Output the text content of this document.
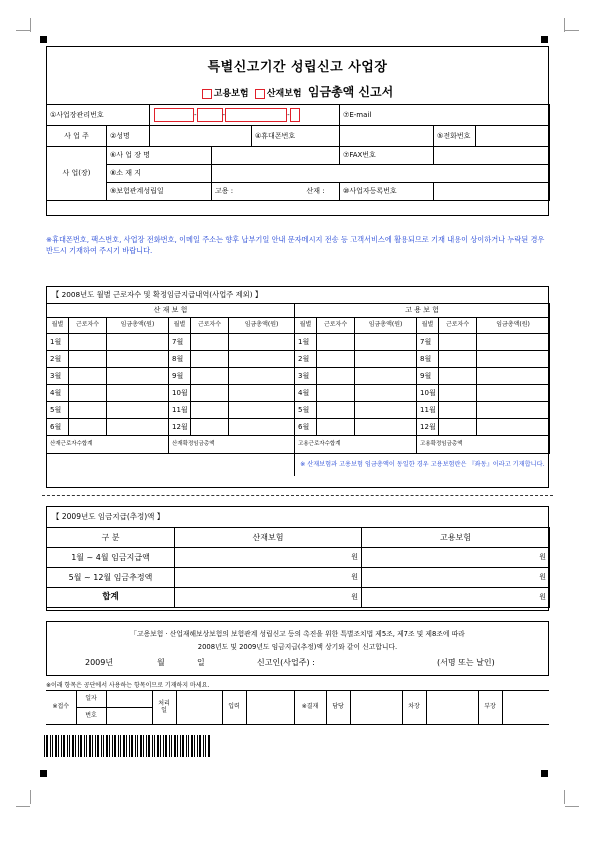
특별신고기간 성립신고 사업장
고용보험 산재보험 임금총액 신고서
①사업장관리번호		- - -				⑦E-mail		
사 업 주	②성명			④휴대폰번호			⑤전화번호	
사 업(장)	⑥사 업 장 명					⑦FAX번호		
	⑧소 재 지							
	⑨보험관계성립일		고용 :		산재 :	⑩사업자등록번호		
※휴대폰번호, 팩스번호, 사업장 전화번호, 이메일 주소는 향후 납부기일 안내 문자메시지 전송 등 고객서비스에 활용되므로 기재 내용이 상이하거나 누락된 경우 반드시 기재하여 주시기 바랍니다.
【 2008년도 월별 근로자수 및 확정임금지급내역(사업주 제외) 】
산 재 보 험						고 용 보 험					
월별	근로자수	임금총액(원)	월별	근로자수	임금총액(원)	월별	근로자수	임금총액(원)	월별	근로자수	임금총액(원)
1월			7월			1월			7월		
2월			8월			2월			8월		
3월			9월			3월			9월		
4월			10월			4월			10월		
5월			11월			5월			11월		
6월			12월			6월			12월		
산재근로자수합계			산재확정임금총액			고용근로자수합계			고용확정임금총액		
						※ 산재보험과 고용보험 임금총액이 동일한 경우 고용보험란은 『좌동』이라고 기재합니다.					
【 2009년도 임금지급(추정)액 】
구 분	산재보험	고용보험
1월 ~ 4월 임금지급액	원	원
5월 ~ 12월 임금추정액	원	원
합계	원	원
「고용보험 · 산업재해보상보험의 보험관계 성립신고 등의 촉진을 위한 특별조치법 제5조, 제7조 및 제8조에 따라
2008년도 및 2009년도 임금지급(추정)액 상기와 같이 신고합니다.
2009년	월	일	신고인(사업주) :	(서명 또는 날인)
※이래 항목은 공단에서 사용하는 항목이므로 기재하지 마세요.
※접수	일자		처리일		입력		※결재	담당		차장		부장	
	번호												
